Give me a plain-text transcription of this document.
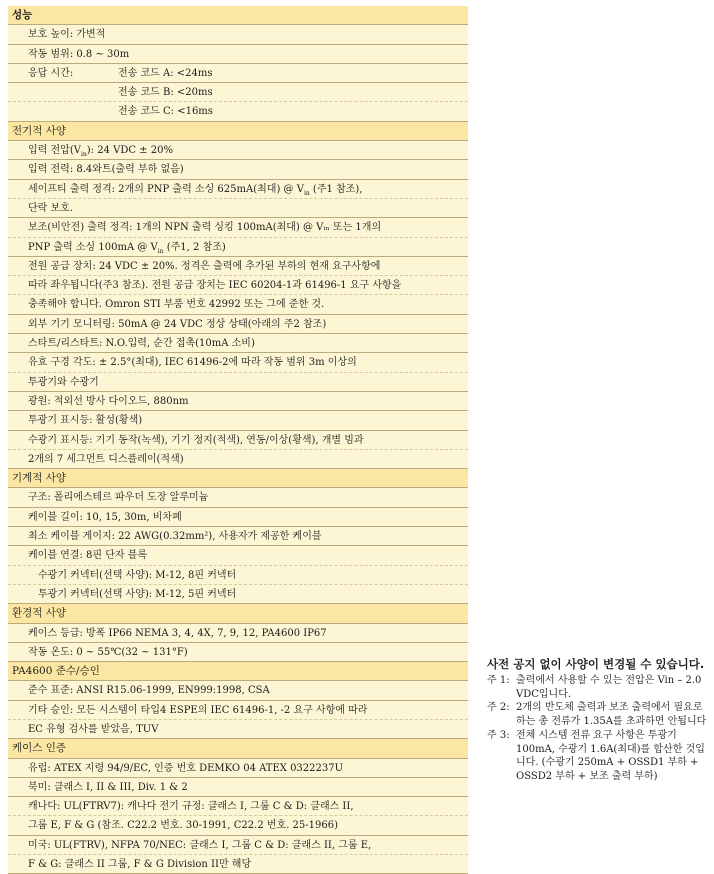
성능
보호 높이: 가변적
작동 범위: 0.8 ~ 30m
응답 시간:	전송 코드 A: <24ms
전송 코드 B: <20ms
전송 코드 C: <16ms
전기적 사양
입력 전압$(V_{in})$: 24 VDC ± 20%
입력 전력: 8.4와트(출력 부하 없음)
세이프티 출력 정격: 2개의 PNP 출력 소싱 625mA(최대) @ $V_{in}$ (주1 참조),
단락 보호.
보조(비안전) 출력 정격: 1개의 NPN 출력 싱킹 100mA(최대) @ Vᵢₙ 또는 1개의
PNP 출력 소싱 100mA @ $V_{in}$ (주1, 2 참조)
전원 공급 장치: 24 VDC ± 20%. 정격은 출력에 추가된 부하의 현재 요구사항에
따라 좌우됩니다(주3 참조). 전원 공급 장치는 IEC 60204-1과 61496-1 요구 사항을
충족해야 합니다. Omron STI 부품 번호 42992 또는 그에 준한 것.
외부 기기 모니터링: 50mA @ 24 VDC 정상 상태(아래의 주2 참조)
스타트/리스타트: N.O.입력, 순간 접촉(10mA 소비)
유효 구경 각도: ± 2.5°(최대), IEC 61496-2에 따라 작동 범위 3m 이상의
투광기와 수광기
광원: 적외선 방사 다이오드, 880nm
투광기 표시등: 활성(황색)
수광기 표시등: 기기 동작(녹색), 기기 정지(적색), 연동/이상(황색), 개별 빔과
2개의 7 세그먼트 디스플레이(적색)
기계적 사양
구조: 폴리에스테르 파우더 도장 알루미늄
케이블 길이: 10, 15, 30m, 비차폐
최소 케이블 게이지: 22 AWG(0.32mm²), 사용자가 제공한 케이블
케이블 연결: 8핀 단자 블록
수광기 커넥터(선택 사양): M-12, 8핀 커넥터
투광기 커넥터(선택 사양): M-12, 5핀 커넥터
환경적 사양
케이스 등급: 방폭 IP66 NEMA 3, 4, 4X, 7, 9, 12, PA4600 IP67
작동 온도: 0 ~ 55℃(32 ~ 131°F)
PA4600 준수/승인
준수 표준: ANSI R15.06-1999, EN999:1998, CSA
기타 승인: 모든 시스템이 타입4 ESPE의 IEC 61496-1, -2 요구 사항에 따라
EC 유형 검사를 받았음, TUV
케이스 인증
유럽: ATEX 지령 94/9/EC, 인증 번호 DEMKO 04 ATEX 0322237U
북미: 클래스 I, II & III, Div. 1 & 2
캐나다: UL(FTRV7): 캐나다 전기 규정: 클래스 I, 그룹 C & D: 클래스 II,
그룹 E, F & G (참조. C22.2 번호. 30-1991, C22.2 번호. 25-1966)
미국: UL(FTRV), NFPA 70/NEC: 클래스 I, 그룹 C & D: 클래스 II, 그룹 E,
F & G: 클래스 II 그룹, F & G Division II만 해당
사전 공지 없이 사양이 변경될 수 있습니다.
주 1: 출력에서 사용할 수 있는 전압은 Vin – 2.0 VDC입니다.
주 2: 2개의 반도체 출력과 보조 출력에서 필요로 하는 총 전류가 1.35A를 초과하면 안됩니다
주 3: 전체 시스템 전류 요구 사항은 투광기 100mA, 수광기 1.6A(최대)를 합산한 것입니다. (수광기 250mA + OSSD1 부하 + OSSD2 부하 + 보조 출력 부하)
